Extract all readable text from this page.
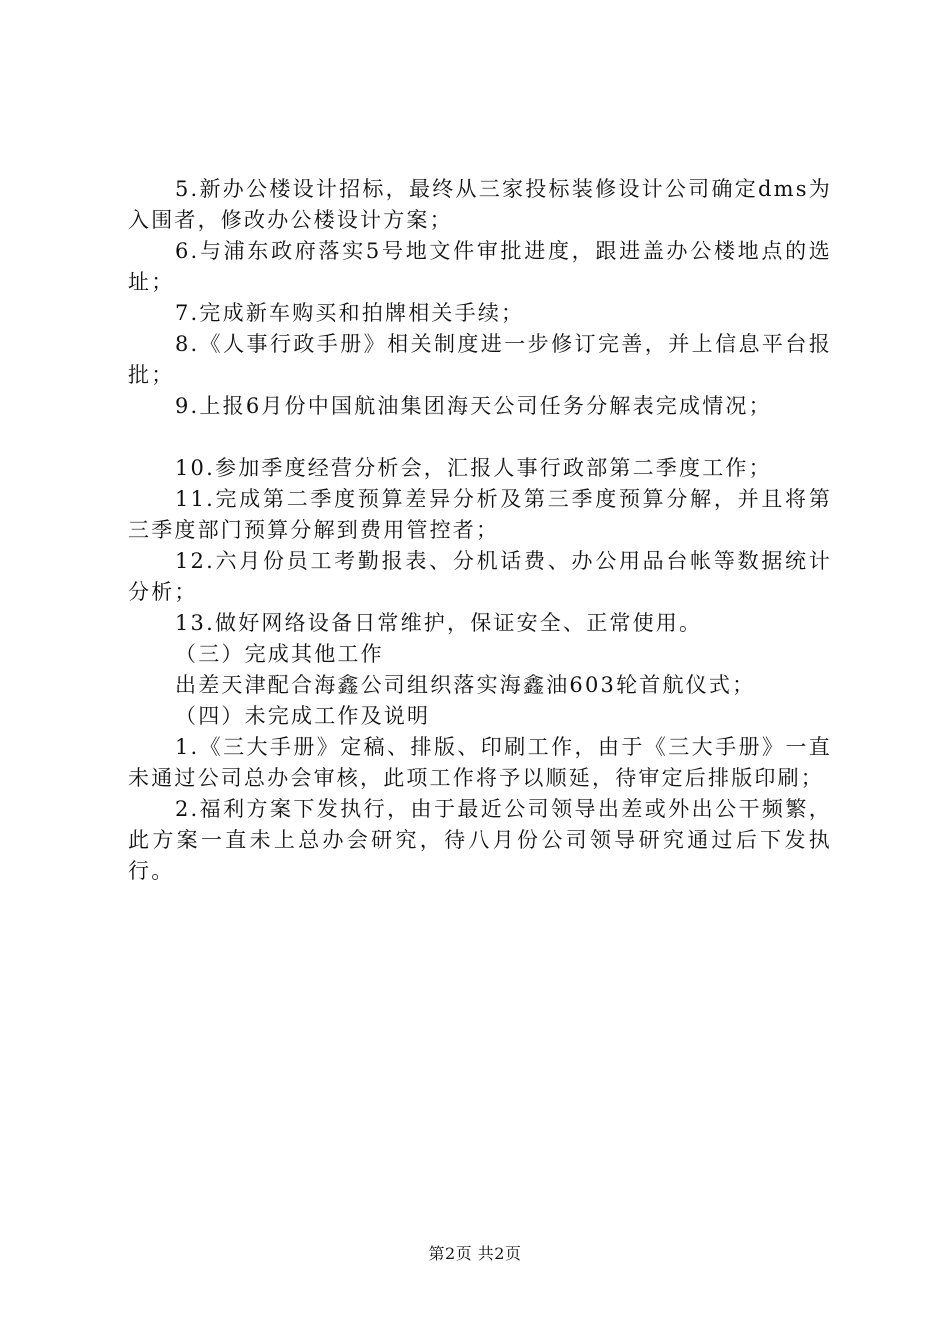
5.新办公楼设计招标，最终从三家投标装修设计公司确定dms为入围者，修改办公楼设计方案；

6.与浦东政府落实5号地文件审批进度，跟进盖办公楼地点的选址；

7.完成新车购买和拍牌相关手续；

8.《人事行政手册》相关制度进一步修订完善，并上信息平台报批；

9.上报6月份中国航油集团海天公司任务分解表完成情况；

10.参加季度经营分析会，汇报人事行政部第二季度工作；

11.完成第二季度预算差异分析及第三季度预算分解，并且将第三季度部门预算分解到费用管控者；

12.六月份员工考勤报表、分机话费、办公用品台帐等数据统计分析；

13.做好网络设备日常维护，保证安全、正常使用。

（三）完成其他工作

出差天津配合海鑫公司组织落实海鑫油603轮首航仪式；

（四）未完成工作及说明

1.《三大手册》定稿、排版、印刷工作，由于《三大手册》一直未通过公司总办会审核，此项工作将予以顺延，待审定后排版印刷；

2.福利方案下发执行，由于最近公司领导出差或外出公干频繁，此方案一直未上总办会研究，待八月份公司领导研究通过后下发执行。

第2页 共2页
